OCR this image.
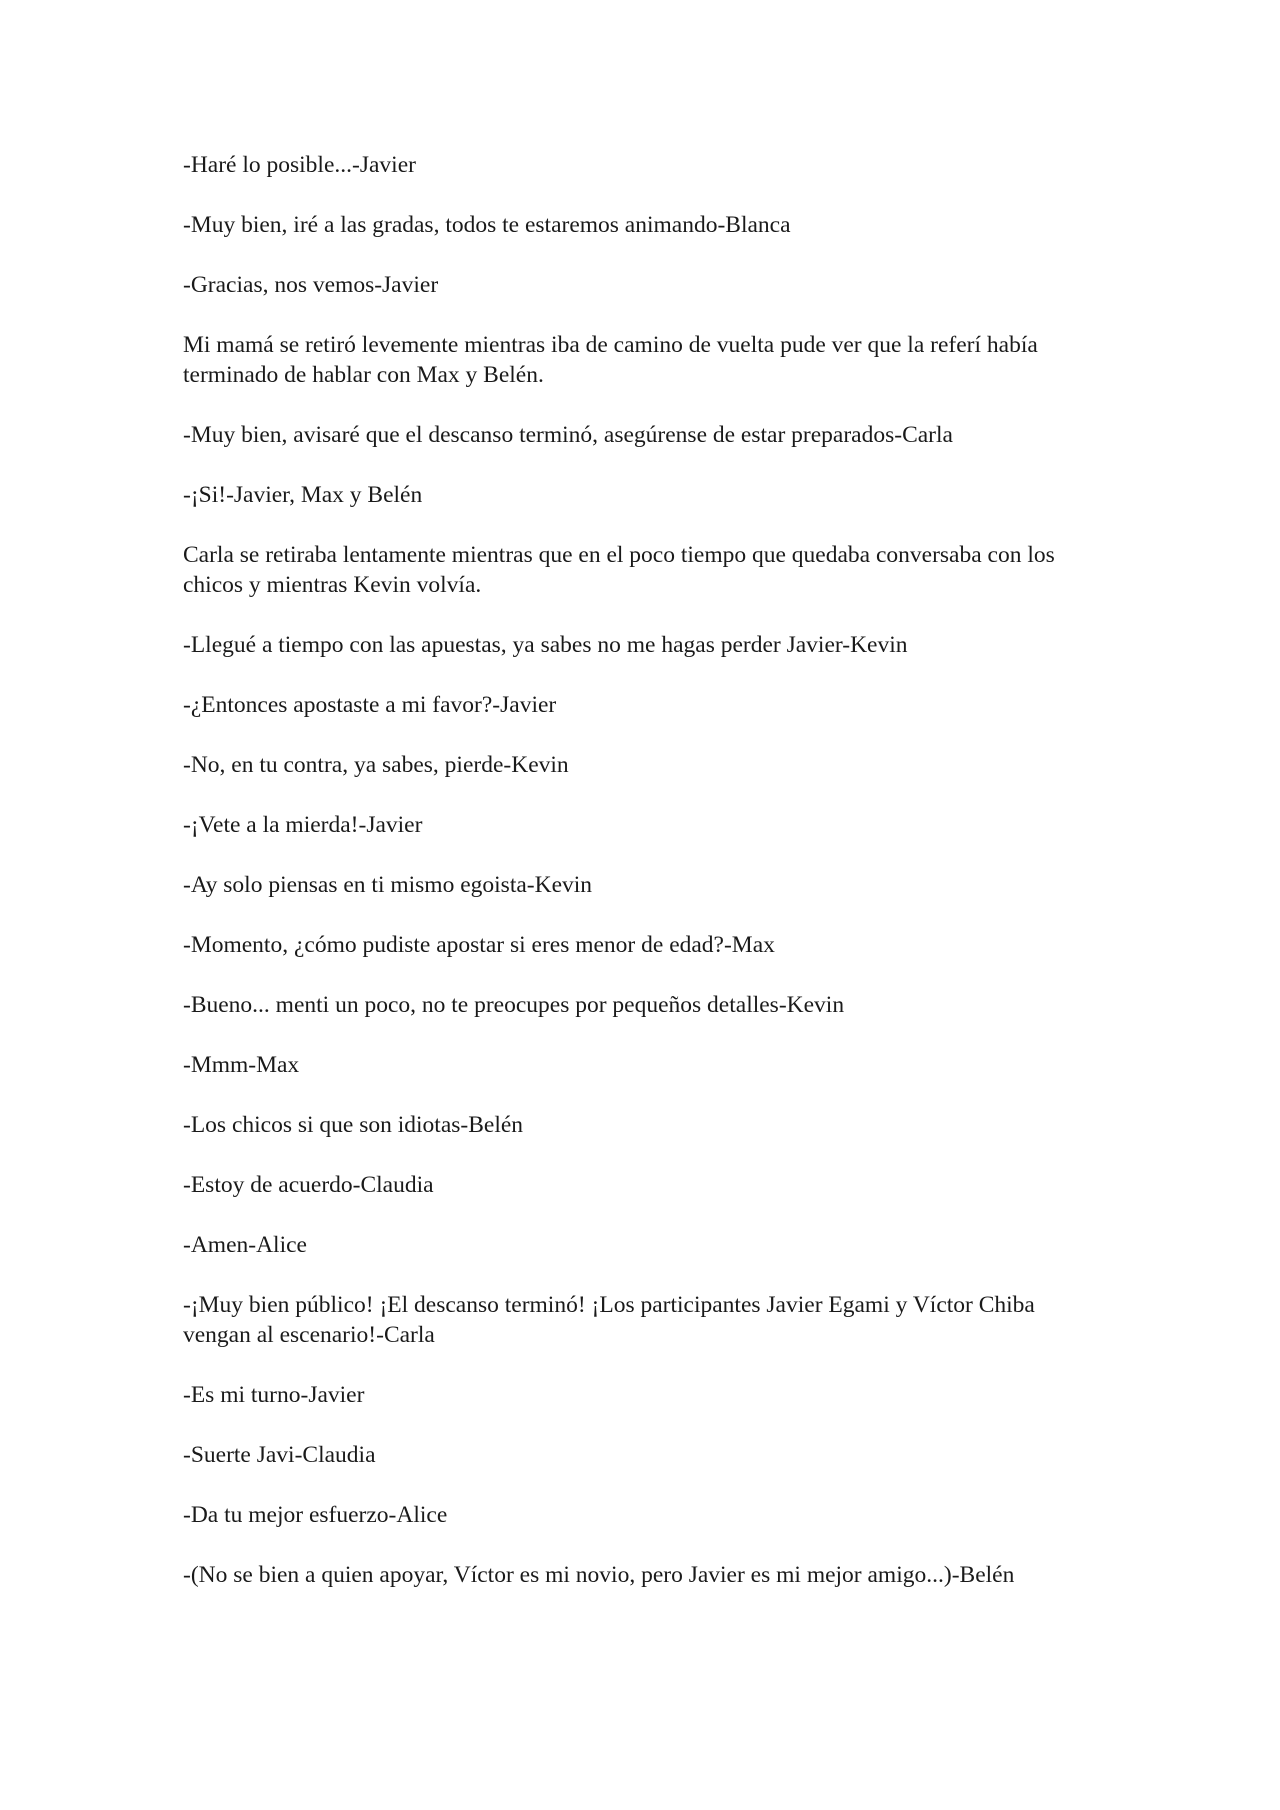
-Haré lo posible...-Javier

-Muy bien, iré a las gradas, todos te estaremos animando-Blanca

-Gracias, nos vemos-Javier

Mi mamá se retiró levemente mientras iba de camino de vuelta pude ver que la referí había terminado de hablar con Max y Belén.

-Muy bien, avisaré que el descanso terminó, asegúrense de estar preparados-Carla

-¡Si!-Javier, Max y Belén

Carla se retiraba lentamente mientras que en el poco tiempo que quedaba conversaba con los chicos y mientras Kevin volvía.

-Llegué a tiempo con las apuestas, ya sabes no me hagas perder Javier-Kevin

-¿Entonces apostaste a mi favor?-Javier

-No, en tu contra, ya sabes, pierde-Kevin

-¡Vete a la mierda!-Javier

-Ay solo piensas en ti mismo egoista-Kevin

-Momento, ¿cómo pudiste apostar si eres menor de edad?-Max

-Bueno... menti un poco, no te preocupes por pequeños detalles-Kevin

-Mmm-Max

-Los chicos si que son idiotas-Belén

-Estoy de acuerdo-Claudia

-Amen-Alice

-¡Muy bien público! ¡El descanso terminó! ¡Los participantes Javier Egami y Víctor Chiba vengan al escenario!-Carla

-Es mi turno-Javier

-Suerte Javi-Claudia

-Da tu mejor esfuerzo-Alice

-(No se bien a quien apoyar, Víctor es mi novio, pero Javier es mi mejor amigo...)-Belén
